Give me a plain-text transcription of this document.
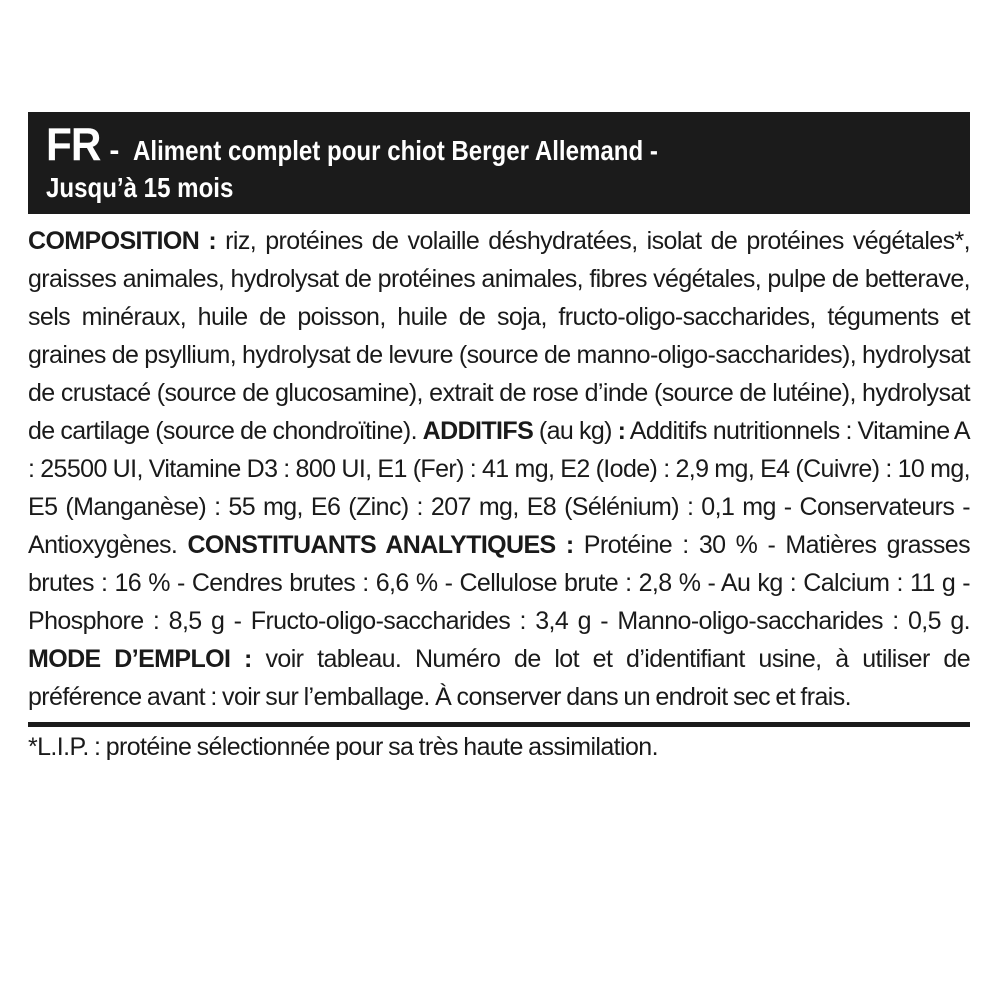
FR - Aliment complet pour chiot Berger Allemand -
Jusqu’à 15 mois
COMPOSITION : riz, protéines de volaille déshydratées, isolat de protéines végétales*, graisses animales, hydrolysat de protéines animales, fibres végétales, pulpe de betterave, sels minéraux, huile de poisson, huile de soja, fructo-oligo-saccharides, téguments et graines de psyllium, hydrolysat de levure (source de manno-oligo-saccharides), hydrolysat de crustacé (source de glucosamine), extrait de rose d’inde (source de lutéine), hydrolysat de cartilage (source de chondroïtine). ADDITIFS (au kg) : Additifs nutritionnels : Vitamine A : 25500 UI, Vitamine D3 : 800 UI, E1 (Fer) : 41 mg, E2 (Iode) : 2,9 mg, E4 (Cuivre) : 10 mg, E5 (Manganèse) : 55 mg, E6 (Zinc) : 207 mg, E8 (Sélénium) : 0,1 mg - Conservateurs - Antioxygènes. CONSTITUANTS ANALYTIQUES : Protéine : 30 % - Matières grasses brutes : 16 % - Cendres brutes : 6,6 % - Cellulose brute : 2,8 % - Au kg : Calcium : 11 g - Phosphore : 8,5 g - Fructo-oligo-saccharides : 3,4 g - Manno-oligo-saccharides : 0,5 g. MODE D’EMPLOI : voir tableau. Numéro de lot et d’identifiant usine, à utiliser de préférence avant : voir sur l’emballage. À conserver dans un endroit sec et frais.
*L.I.P. : protéine sélectionnée pour sa très haute assimilation.
